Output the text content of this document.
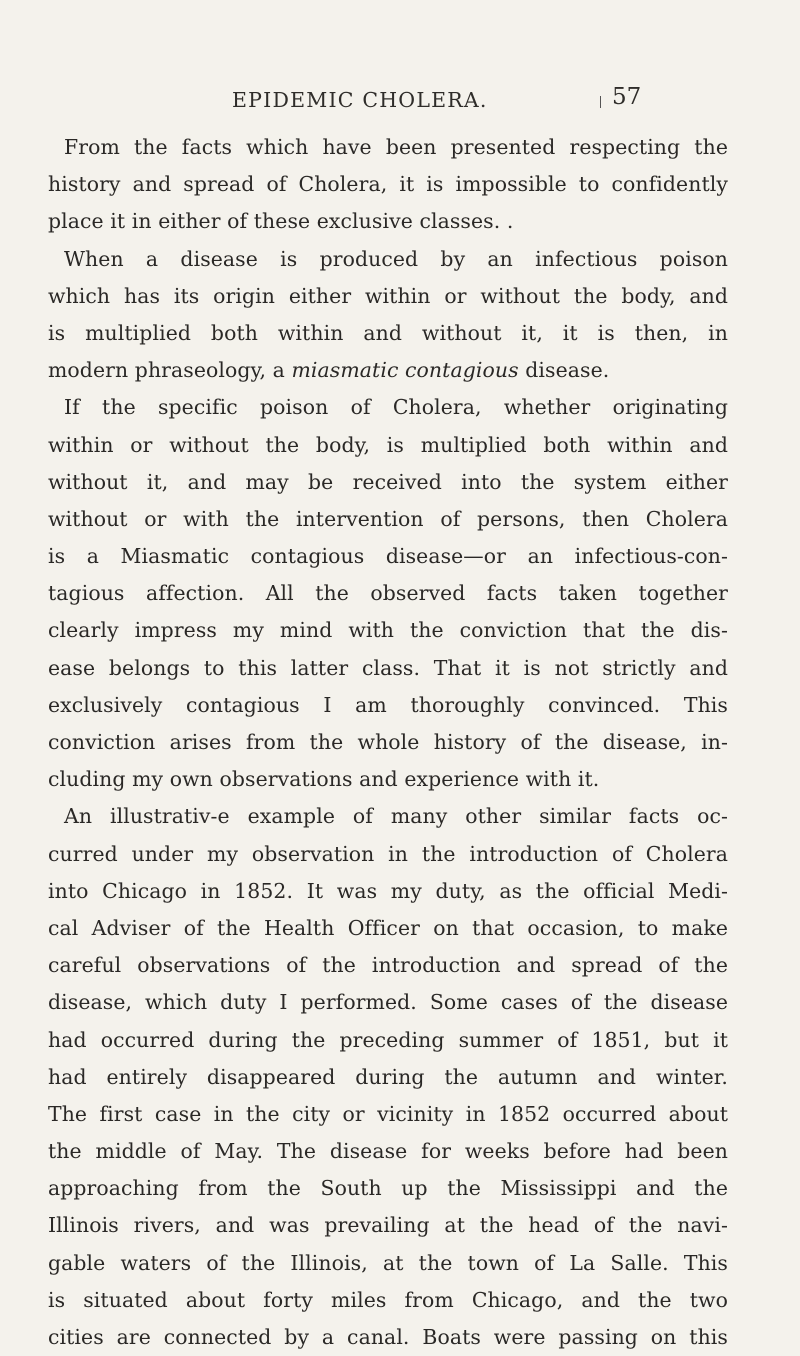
EPIDEMIC CHOLERA.	57
From the facts which have been presented respecting the
history and spread of Cholera, it is impossible to confidently
place it in either of these exclusive classes. .
When a disease is produced by an infectious poison
which has its origin either within or without the body, and
is multiplied both within and without it, it is then, in
modern phraseology, a miasmatic contagious disease.
If the specific poison of Cholera, whether originating
within or without the body, is multiplied both within and
without it, and may be received into the system either
without or with the intervention of persons, then Cholera
is a Miasmatic contagious disease—or an infectious-con-
tagious affection. All the observed facts taken together
clearly impress my mind with the conviction that the dis-
ease belongs to this latter class. That it is not strictly and
exclusively contagious I am thoroughly convinced. This
conviction arises from the whole history of the disease, in-
cluding my own observations and experience with it.
An illustrativ-e example of many other similar facts oc-
curred under my observation in the introduction of Cholera
into Chicago in 1852. It was my duty, as the official Medi-
cal Adviser of the Health Officer on that occasion, to make
careful observations of the introduction and spread of the
disease, which duty I performed. Some cases of the disease
had occurred during the preceding summer of 1851, but it
had entirely disappeared during the autumn and winter.
The first case in the city or vicinity in 1852 occurred about
the middle of May. The disease for weeks before had been
approaching from the South up the Mississippi and the
Illinois rivers, and was prevailing at the head of the navi-
gable waters of the Illinois, at the town of La Salle. This
is situated about forty miles from Chicago, and the two
cities are connected by a canal. Boats were passing on this
